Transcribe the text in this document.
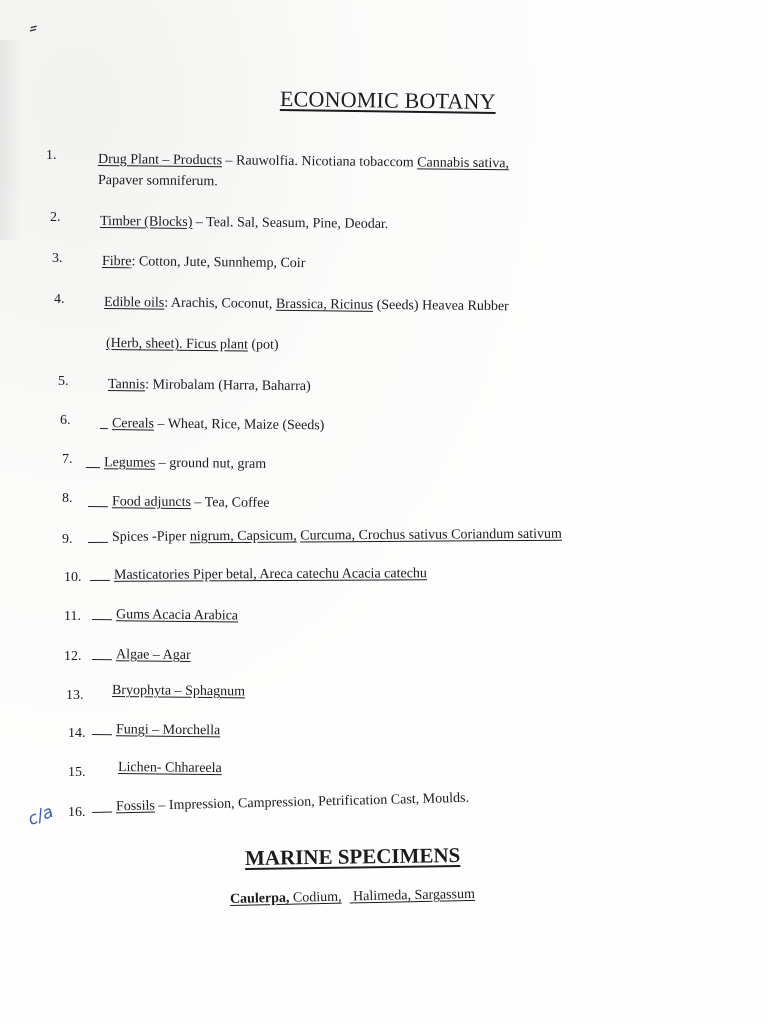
⸗
ECONOMIC BOTANY
1.	Drug Plant – Products – Rauwolfia. Nicotiana tobaccom Cannabis sativa,
Papaver somniferum.
2.	Timber (Blocks) – Teal. Sal, Seasum, Pine, Deodar.
3.	Fibre: Cotton, Jute, Sunnhemp, Coir
4.	Edible oils: Arachis, Coconut, Brassica, Ricinus (Seeds) Heavea Rubber
(Herb, sheet). Ficus plant (pot)
5.	Tannis: Mirobalam (Harra, Baharra)
6.	Cereals – Wheat, Rice, Maize (Seeds)
7.	Legumes – ground nut, gram
8.	Food adjuncts – Tea, Coffee
9.	Spices -Piper nigrum, Capsicum, Curcuma, Crochus sativus Coriandum sativum
10.	Masticatories Piper betal, Areca catechu Acacia catechu
11.	Gums Acacia Arabica
12.	Algae – Agar
13. Bryophyta – Sphagnum
14.	Fungi – Morchella
15. Lichen- Chhareela
16.	Fossils – Impression, Campression, Petrification Cast, Moulds.
c/a
MARINE SPECIMENS
Caulerpa, Codium, Halimeda, Sargassum
